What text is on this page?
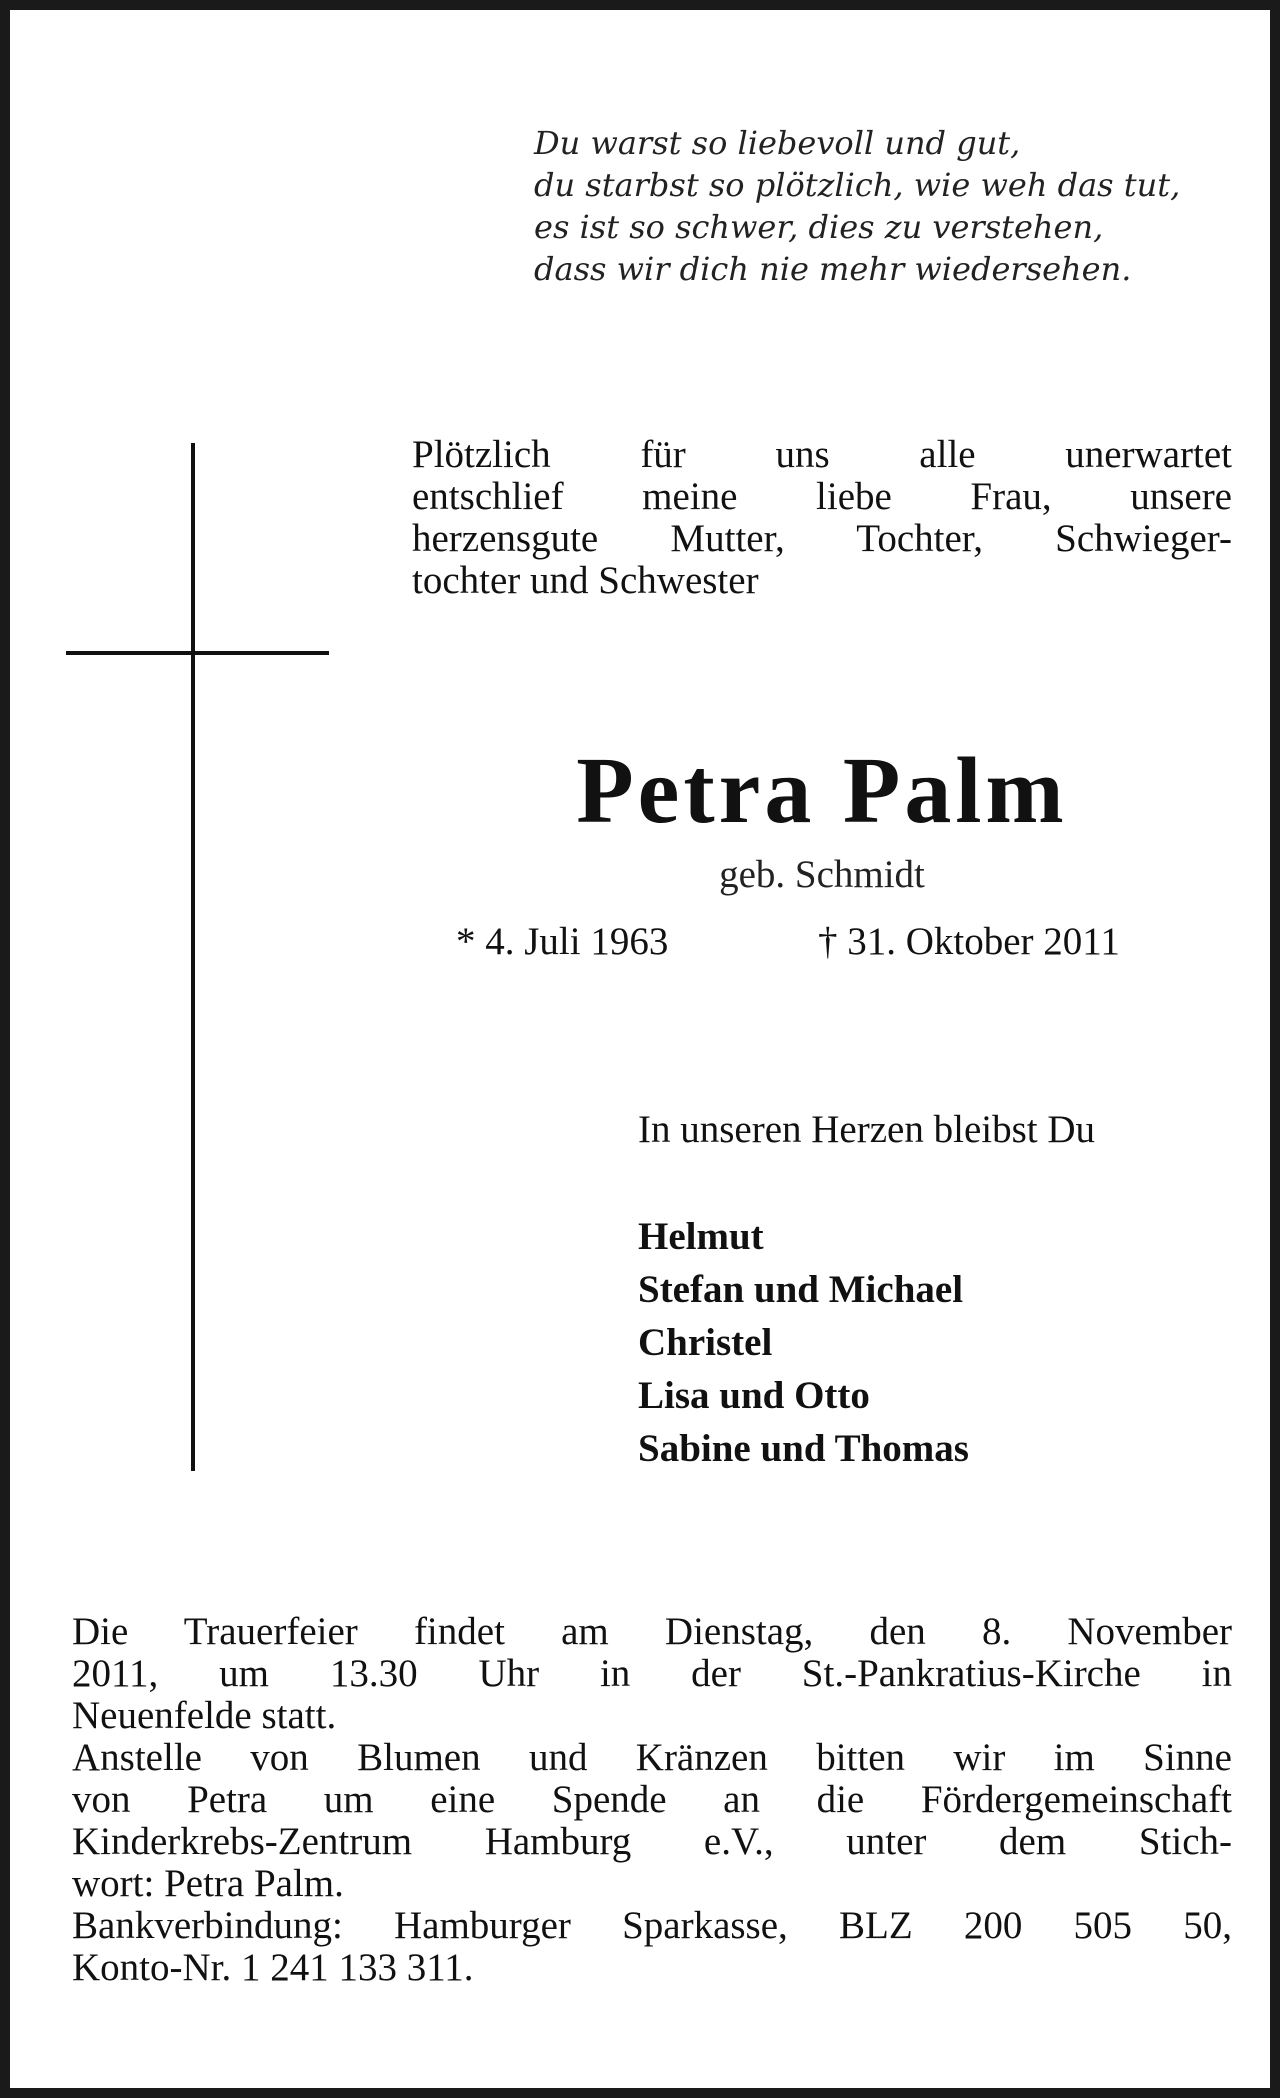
Du warst so liebevoll und gut,
du starbst so plötzlich, wie weh das tut,
es ist so schwer, dies zu verstehen,
dass wir dich nie mehr wiedersehen.
Plötzlich für uns alle unerwartet
entschlief meine liebe Frau, unsere
herzensgute Mutter, Tochter, Schwieger-
tochter und Schwester
Petra Palm
geb. Schmidt
* 4. Juli 1963	† 31. Oktober 2011
In unseren Herzen bleibst Du
Helmut
Stefan und Michael
Christel
Lisa und Otto
Sabine und Thomas
Die Trauerfeier findet am Dienstag, den 8. November
2011, um 13.30 Uhr in der St.-Pankratius-Kirche in
Neuenfelde statt.
Anstelle von Blumen und Kränzen bitten wir im Sinne
von Petra um eine Spende an die Fördergemeinschaft
Kinderkrebs-Zentrum Hamburg e.V., unter dem Stich-
wort: Petra Palm.
Bankverbindung: Hamburger Sparkasse, BLZ 200 505 50,
Konto-Nr. 1 241 133 311.
